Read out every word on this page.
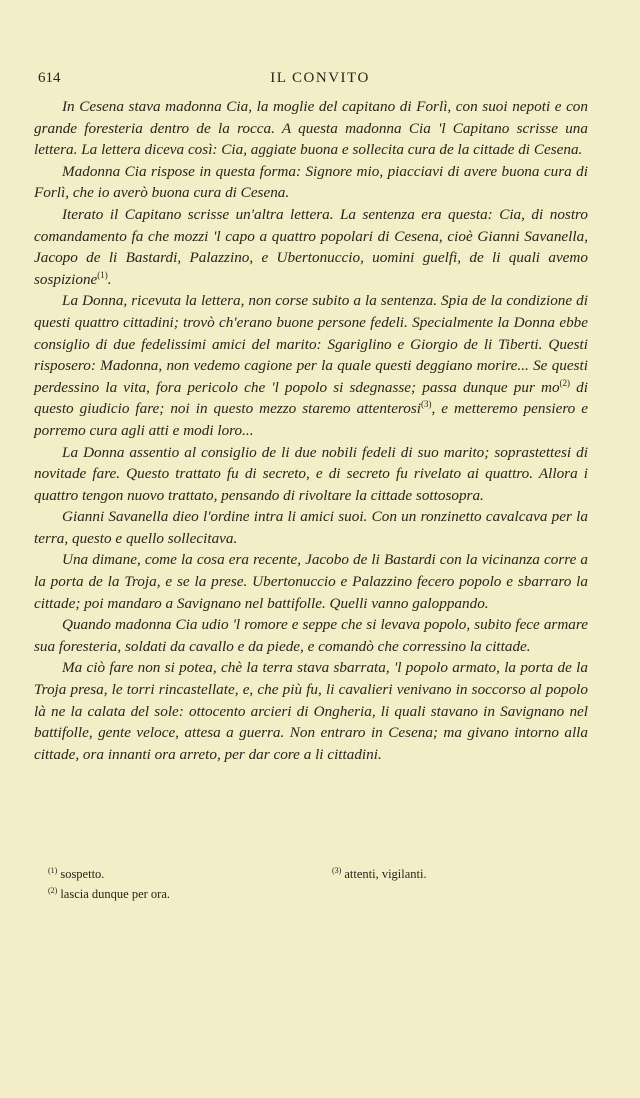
614	IL CONVITO

In Cesena stava madonna Cia, la moglie del capitano di Forlì, con suoi nepoti e con grande foresteria dentro de la rocca. A questa madonna Cia 'l Capitano scrisse una lettera. La lettera diceva così: Cia, aggiate buona e sollecita cura de la cittade di Cesena.

Madonna Cia rispose in questa forma: Signore mio, piacciavi di avere buona cura di Forlì, che io averò buona cura di Cesena.

Iterato il Capitano scrisse un'altra lettera. La sentenza era questa: Cia, di nostro comandamento fa che mozzi 'l capo a quattro popolari di Cesena, cioè Gianni Savanella, Jacopo de li Bastardi, Palazzino, e Ubertonuccio, uomini guelfi, de li quali avemo sospizione$^{(1)}$.

La Donna, ricevuta la lettera, non corse subito a la sentenza. Spia de la condizione di questi quattro cittadini; trovò ch'erano buone persone fedeli. Specialmente la Donna ebbe consiglio di due fedelissimi amici del marito: Sgariglino e Giorgio de li Tiberti. Questi risposero: Madonna, non vedemo cagione per la quale questi deggiano morire... Se questi perdessino la vita, fora pericolo che 'l popolo si sdegnasse; passa dunque pur mo$^{(2)}$ di questo giudicio fare; noi in questo mezzo staremo attenterosi$^{(3)}$, e metteremo pensiero e porremo cura agli atti e modi loro...

La Donna assentio al consiglio de li due nobili fedeli di suo marito; soprastettesi di novitade fare. Questo trattato fu di secreto, e di secreto fu rivelato ai quattro. Allora i quattro tengon nuovo trattato, pensando di rivoltare la cittade sottosopra.

Gianni Savanella dieo l'ordine intra li amici suoi. Con un ronzinetto cavalcava per la terra, questo e quello sollecitava.

Una dimane, come la cosa era recente, Jacobo de li Bastardi con la vicinanza corre a la porta de la Troja, e se la prese. Ubertonuccio e Palazzino fecero popolo e sbarraro la cittade; poi mandaro a Savignano nel battifolle. Quelli vanno galoppando.

Quando madonna Cia udio 'l romore e seppe che si levava popolo, subito fece armare sua foresteria, soldati da cavallo e da piede, e comandò che corressino la cittade.

Ma ciò fare non si potea, chè la terra stava sbarrata, 'l popolo armato, la porta de la Troja presa, le torri rincastellate, e, che più fu, li cavalieri venivano in soccorso al popolo là ne la calata del sole: ottocento arcieri di Ongheria, li quali stavano in Savignano nel battifolle, gente veloce, attesa a guerra. Non entraro in Cesena; ma givano intorno alla cittade, ora innanti ora arreto, per dar core a li cittadini.

$^{(1)}$ sospetto.
$^{(2)}$ lascia dunque per ora.
$^{(3)}$ attenti, vigilanti.
